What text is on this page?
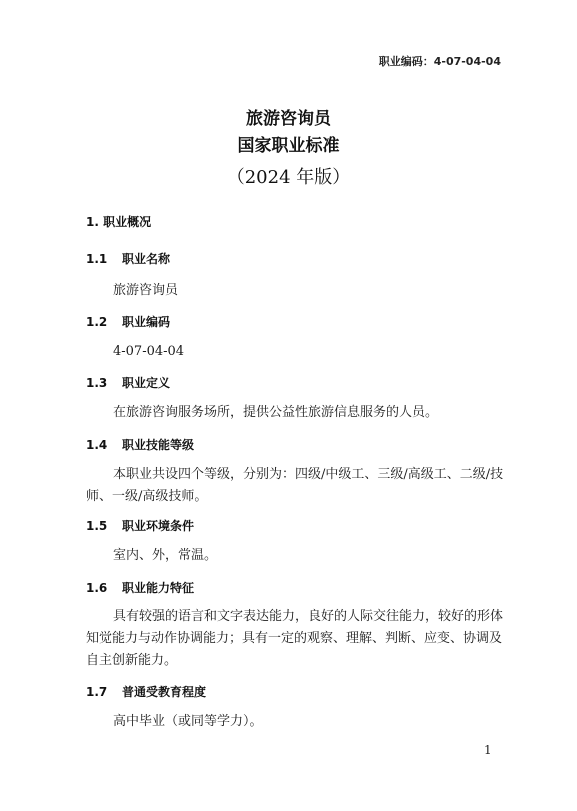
职业编码：4-07-04-04
旅游咨询员
国家职业标准
（2024 年版）
1. 职业概况
1.1 职业名称
旅游咨询员
1.2 职业编码
4-07-04-04
1.3 职业定义
在旅游咨询服务场所，提供公益性旅游信息服务的人员。
1.4 职业技能等级
本职业共设四个等级，分别为：四级/中级工、三级/高级工、二级/技师、一级/高级技师。
1.5 职业环境条件
室内、外，常温。
1.6 职业能力特征
具有较强的语言和文字表达能力，良好的人际交往能力，较好的形体知觉能力与动作协调能力；具有一定的观察、理解、判断、应变、协调及自主创新能力。
1.7 普通受教育程度
高中毕业（或同等学力）。
1
